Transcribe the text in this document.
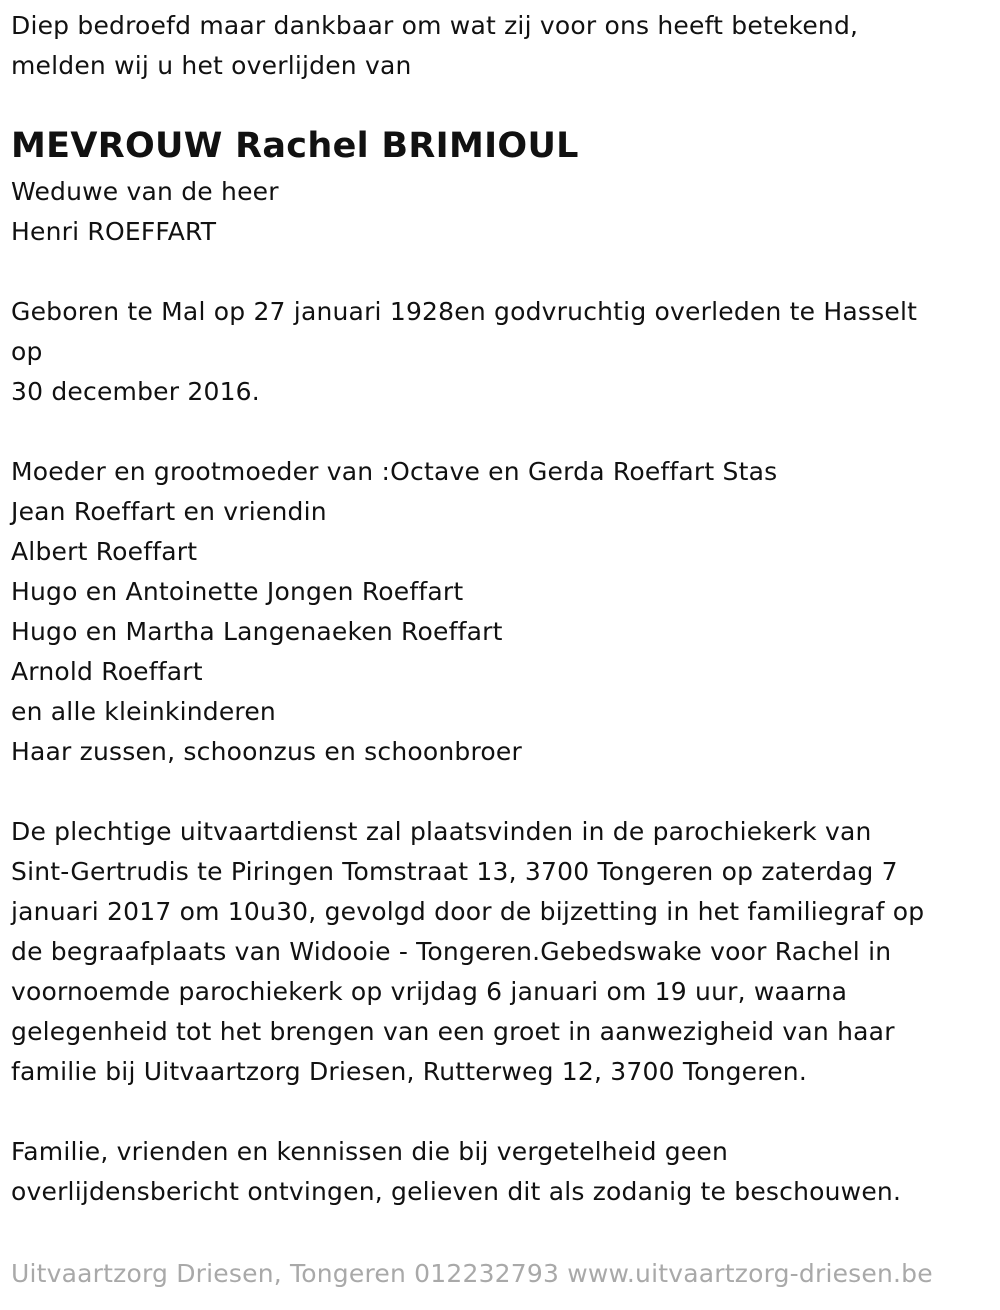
Diep bedroefd maar dankbaar om wat zij voor ons heeft betekend,
melden wij u het overlijden van
MEVROUW Rachel BRIMIOUL
Weduwe van de heer
Henri ROEFFART
Geboren te Mal op 27 januari 1928en godvruchtig overleden te Hasselt
op
30 december 2016.
Moeder en grootmoeder van :Octave en Gerda Roeffart Stas
Jean Roeffart en vriendin
Albert Roeffart
Hugo en Antoinette Jongen Roeffart
Hugo en Martha Langenaeken Roeffart
Arnold Roeffart
en alle kleinkinderen
Haar zussen, schoonzus en schoonbroer
De plechtige uitvaartdienst zal plaatsvinden in de parochiekerk van
Sint-Gertrudis te Piringen Tomstraat 13, 3700 Tongeren op zaterdag 7
januari 2017 om 10u30, gevolgd door de bijzetting in het familiegraf op
de begraafplaats van Widooie - Tongeren.Gebedswake voor Rachel in
voornoemde parochiekerk op vrijdag 6 januari om 19 uur, waarna
gelegenheid tot het brengen van een groet in aanwezigheid van haar
familie bij Uitvaartzorg Driesen, Rutterweg 12, 3700 Tongeren.
Familie, vrienden en kennissen die bij vergetelheid geen
overlijdensbericht ontvingen, gelieven dit als zodanig te beschouwen.
Uitvaartzorg Driesen, Tongeren 012232793 www.uitvaartzorg-driesen.be
